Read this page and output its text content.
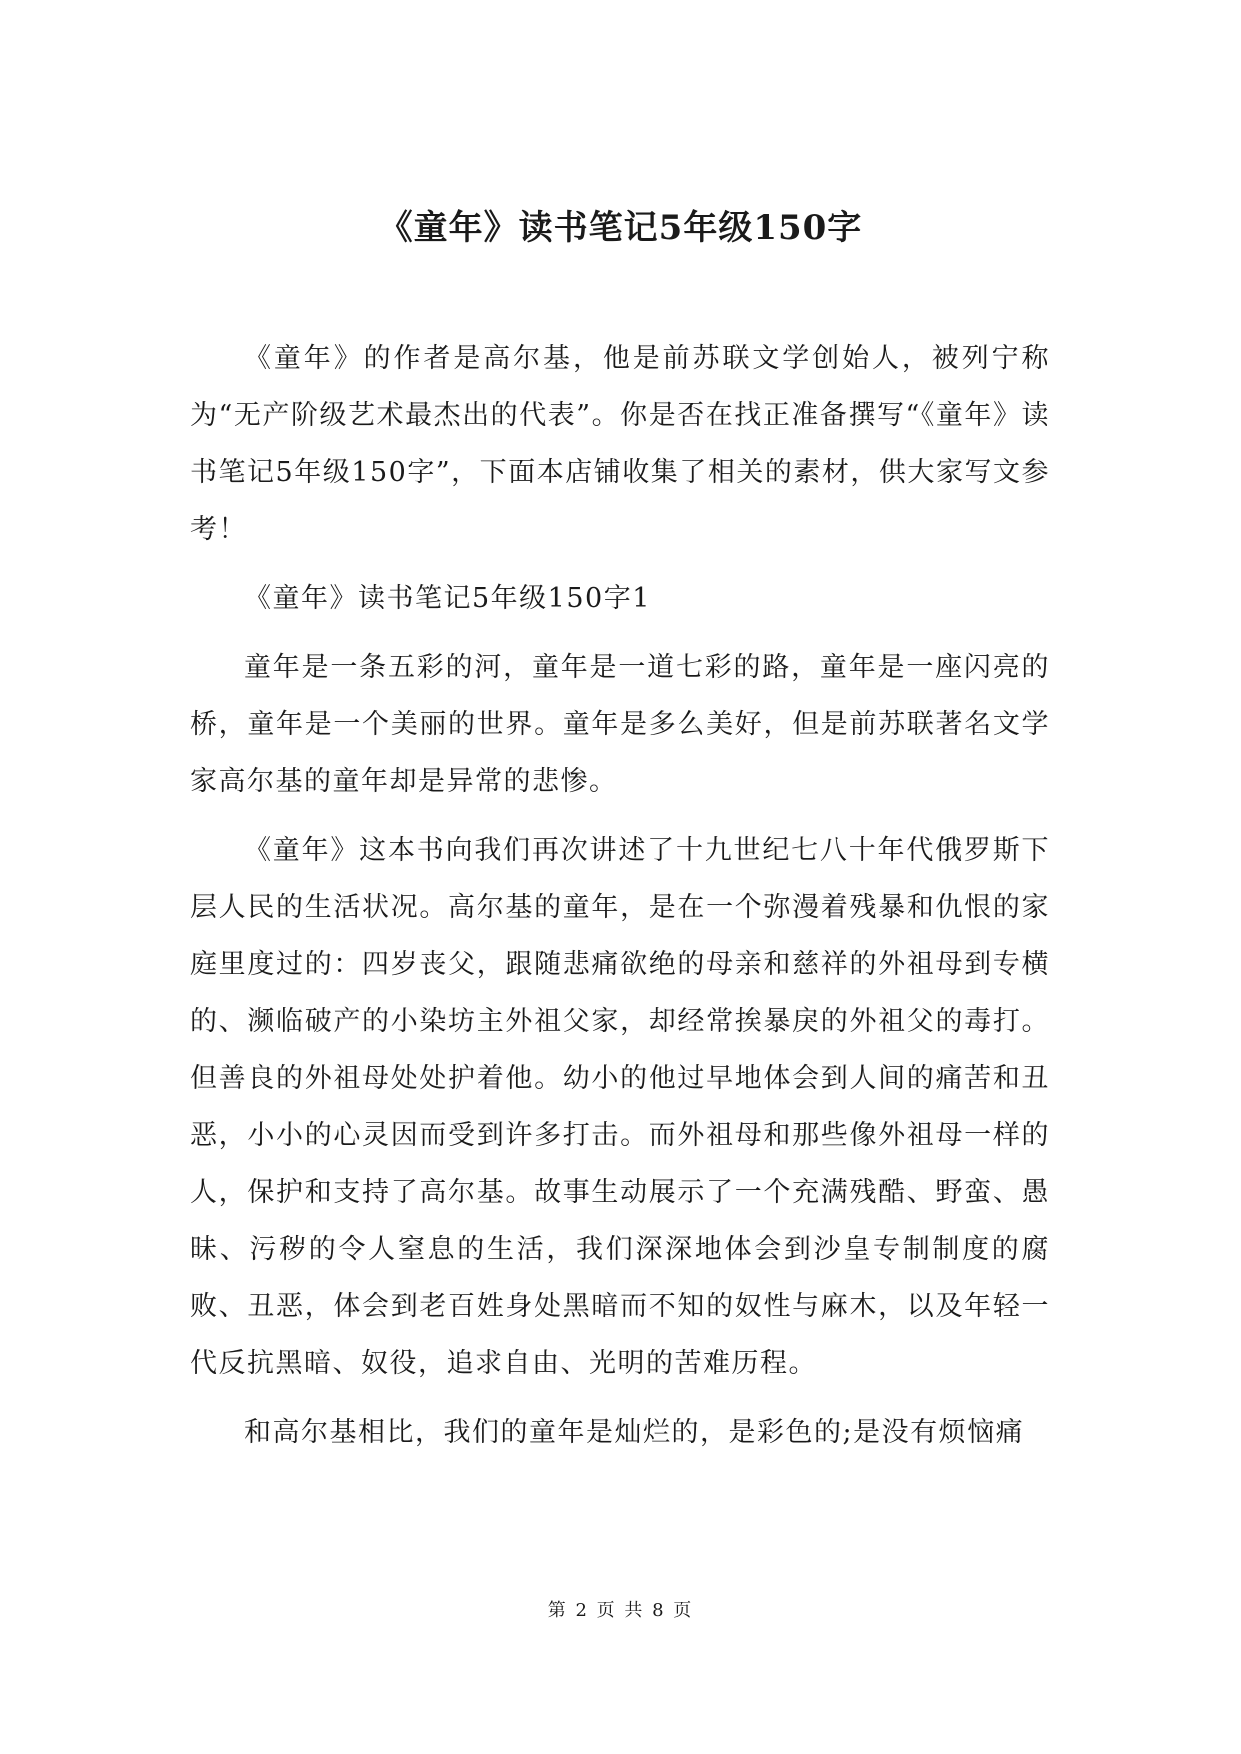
《童年》读书笔记5年级150字

《童年》的作者是高尔基，他是前苏联文学创始人，被列宁称为“无产阶级艺术最杰出的代表”。你是否在找正准备撰写“《童年》读书笔记5年级150字”，下面本店铺收集了相关的素材，供大家写文参考！

《童年》读书笔记5年级150字1

童年是一条五彩的河，童年是一道七彩的路，童年是一座闪亮的桥，童年是一个美丽的世界。童年是多么美好，但是前苏联著名文学家高尔基的童年却是异常的悲惨。

《童年》这本书向我们再次讲述了十九世纪七八十年代俄罗斯下层人民的生活状况。高尔基的童年，是在一个弥漫着残暴和仇恨的家庭里度过的：四岁丧父，跟随悲痛欲绝的母亲和慈祥的外祖母到专横的、濒临破产的小染坊主外祖父家，却经常挨暴戾的外祖父的毒打。但善良的外祖母处处护着他。幼小的他过早地体会到人间的痛苦和丑恶，小小的心灵因而受到许多打击。而外祖母和那些像外祖母一样的人，保护和支持了高尔基。故事生动展示了一个充满残酷、野蛮、愚昧、污秽的令人窒息的生活，我们深深地体会到沙皇专制制度的腐败、丑恶，体会到老百姓身处黑暗而不知的奴性与麻木，以及年轻一代反抗黑暗、奴役，追求自由、光明的苦难历程。

和高尔基相比，我们的童年是灿烂的，是彩色的;是没有烦恼痛

第 2 页 共 8 页
